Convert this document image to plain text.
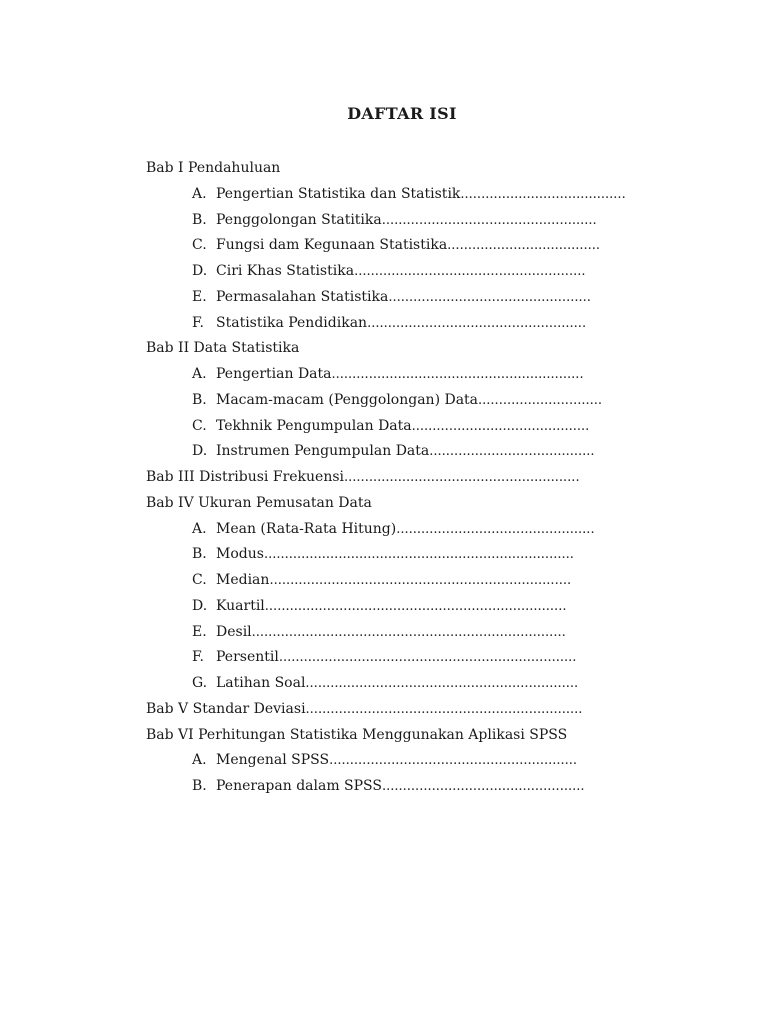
DAFTAR ISI
Bab I Pendahuluan
A. Pengertian Statistika dan Statistik........................................
B. Penggolongan Statitika....................................................
C. Fungsi dam Kegunaan Statistika.....................................
D. Ciri Khas Statistika........................................................
E. Permasalahan Statistika.................................................
F. Statistika Pendidikan.....................................................
Bab II Data Statistika
A. Pengertian Data.............................................................
B. Macam-macam (Penggolongan) Data..............................
C. Tekhnik Pengumpulan Data...........................................
D. Instrumen Pengumpulan Data........................................
Bab III Distribusi Frekuensi.........................................................
Bab IV Ukuran Pemusatan Data
A. Mean (Rata-Rata Hitung)................................................
B. Modus...........................................................................
C. Median.........................................................................
D. Kuartil.........................................................................
E. Desil............................................................................
F. Persentil........................................................................
G. Latihan Soal..................................................................
Bab V Standar Deviasi...................................................................
Bab VI Perhitungan Statistika Menggunakan Aplikasi SPSS
A. Mengenal SPSS............................................................
B. Penerapan dalam SPSS.................................................
